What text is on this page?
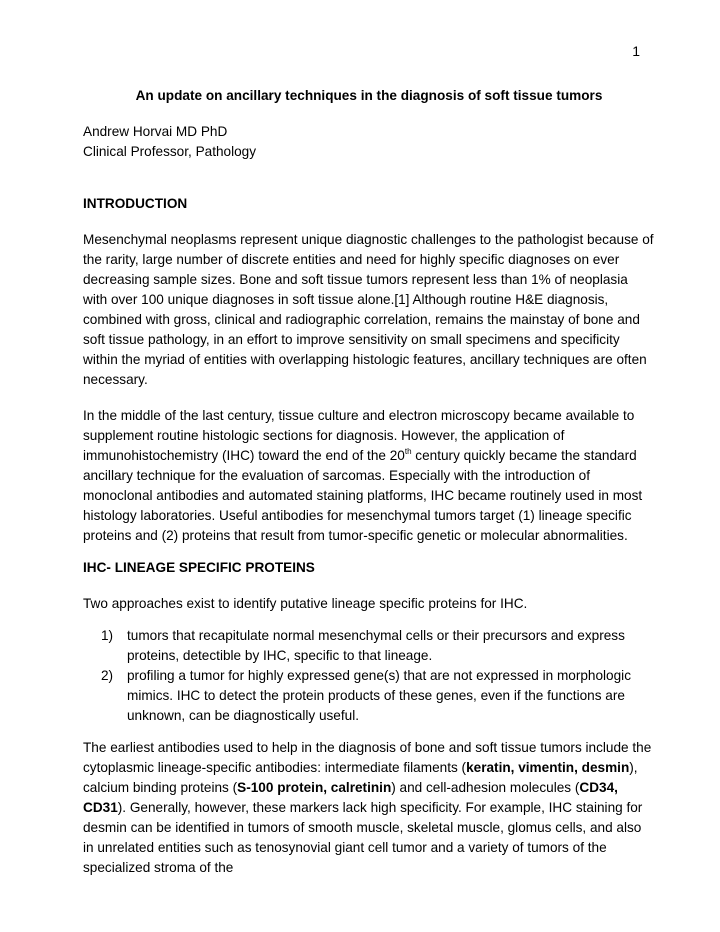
1
An update on ancillary techniques in the diagnosis of soft tissue tumors

Andrew Horvai MD PhD

Clinical Professor, Pathology

INTRODUCTION

Mesenchymal neoplasms represent unique diagnostic challenges to the pathologist because of the rarity, large number of discrete entities and need for highly specific diagnoses on ever decreasing sample sizes. Bone and soft tissue tumors represent less than 1% of neoplasia with over 100 unique diagnoses in soft tissue alone.[1] Although routine H&E diagnosis, combined with gross, clinical and radiographic correlation, remains the mainstay of bone and soft tissue pathology, in an effort to improve sensitivity on small specimens and specificity within the myriad of entities with overlapping histologic features, ancillary techniques are often necessary.

In the middle of the last century, tissue culture and electron microscopy became available to supplement routine histologic sections for diagnosis. However, the application of immunohistochemistry (IHC) toward the end of the 20th century quickly became the standard ancillary technique for the evaluation of sarcomas. Especially with the introduction of monoclonal antibodies and automated staining platforms, IHC became routinely used in most histology laboratories. Useful antibodies for mesenchymal tumors target (1) lineage specific proteins and (2) proteins that result from tumor-specific genetic or molecular abnormalities.

IHC- LINEAGE SPECIFIC PROTEINS

Two approaches exist to identify putative lineage specific proteins for IHC.

1) tumors that recapitulate normal mesenchymal cells or their precursors and express proteins, detectible by IHC, specific to that lineage.
2) profiling a tumor for highly expressed gene(s) that are not expressed in morphologic mimics. IHC to detect the protein products of these genes, even if the functions are unknown, can be diagnostically useful.

The earliest antibodies used to help in the diagnosis of bone and soft tissue tumors include the cytoplasmic lineage-specific antibodies: intermediate filaments (keratin, vimentin, desmin), calcium binding proteins (S-100 protein, calretinin) and cell-adhesion molecules (CD34, CD31). Generally, however, these markers lack high specificity. For example, IHC staining for desmin can be identified in tumors of smooth muscle, skeletal muscle, glomus cells, and also in unrelated entities such as tenosynovial giant cell tumor and a variety of tumors of the specialized stroma of the
